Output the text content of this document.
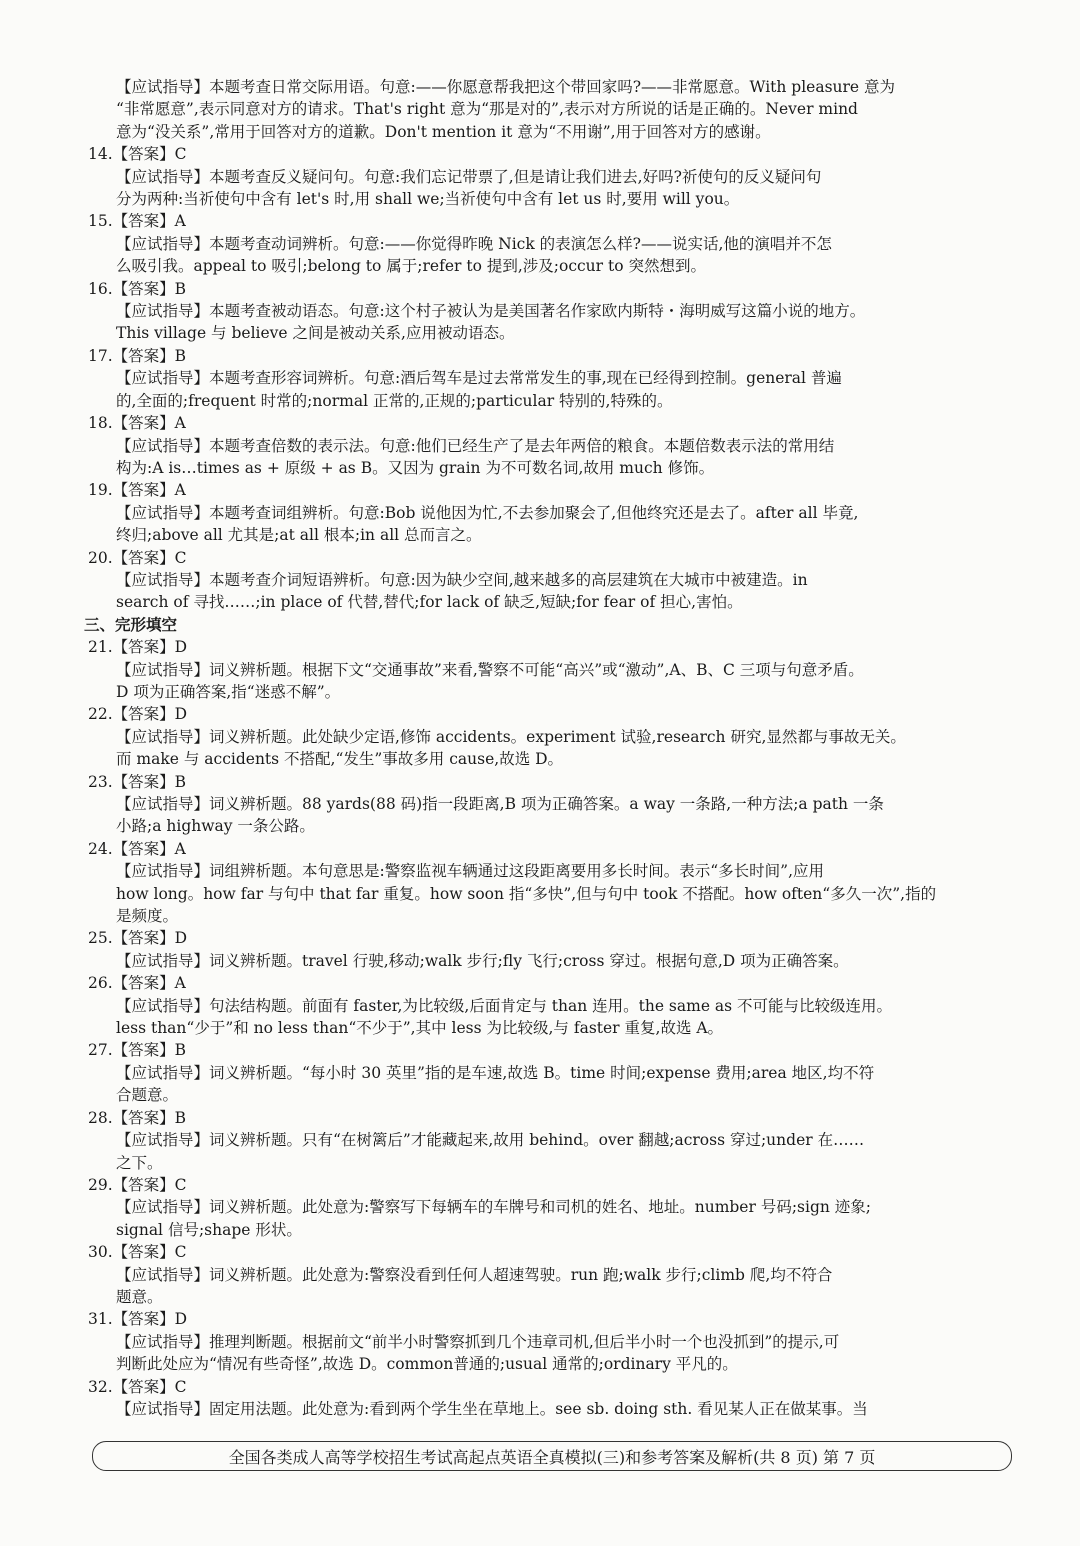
【应试指导】本题考查日常交际用语。句意:——你愿意帮我把这个带回家吗?——非常愿意。With pleasure 意为

“非常愿意”,表示同意对方的请求。That's right 意为“那是对的”,表示对方所说的话是正确的。Never mind

意为“没关系”,常用于回答对方的道歉。Don't mention it 意为“不用谢”,用于回答对方的感谢。

14.【答案】C

【应试指导】本题考查反义疑问句。句意:我们忘记带票了,但是请让我们进去,好吗?祈使句的反义疑问句

分为两种:当祈使句中含有 let's 时,用 shall we;当祈使句中含有 let us 时,要用 will you。

15.【答案】A

【应试指导】本题考查动词辨析。句意:——你觉得昨晚 Nick 的表演怎么样?——说实话,他的演唱并不怎

么吸引我。appeal to 吸引;belong to 属于;refer to 提到,涉及;occur to 突然想到。

16.【答案】B

【应试指导】本题考查被动语态。句意:这个村子被认为是美国著名作家欧内斯特・海明威写这篇小说的地方。

This village 与 believe 之间是被动关系,应用被动语态。

17.【答案】B

【应试指导】本题考查形容词辨析。句意:酒后驾车是过去常常发生的事,现在已经得到控制。general 普遍

的,全面的;frequent 时常的;normal 正常的,正规的;particular 特别的,特殊的。

18.【答案】A

【应试指导】本题考查倍数的表示法。句意:他们已经生产了是去年两倍的粮食。本题倍数表示法的常用结

构为:A is…times as + 原级 + as B。又因为 grain 为不可数名词,故用 much 修饰。

19.【答案】A

【应试指导】本题考查词组辨析。句意:Bob 说他因为忙,不去参加聚会了,但他终究还是去了。after all 毕竟,

终归;above all 尤其是;at all 根本;in all 总而言之。

20.【答案】C

【应试指导】本题考查介词短语辨析。句意:因为缺少空间,越来越多的高层建筑在大城市中被建造。in

search of 寻找……;in place of 代替,替代;for lack of 缺乏,短缺;for fear of 担心,害怕。

三、完形填空

21.【答案】D

【应试指导】词义辨析题。根据下文“交通事故”来看,警察不可能“高兴”或“激动”,A、B、C 三项与句意矛盾。

D 项为正确答案,指“迷惑不解”。

22.【答案】D

【应试指导】词义辨析题。此处缺少定语,修饰 accidents。experiment 试验,research 研究,显然都与事故无关。

而 make 与 accidents 不搭配,“发生”事故多用 cause,故选 D。

23.【答案】B

【应试指导】词义辨析题。88 yards(88 码)指一段距离,B 项为正确答案。a way 一条路,一种方法;a path 一条

小路;a highway 一条公路。

24.【答案】A

【应试指导】词组辨析题。本句意思是:警察监视车辆通过这段距离要用多长时间。表示“多长时间”,应用

how long。how far 与句中 that far 重复。how soon 指“多快”,但与句中 took 不搭配。how often“多久一次”,指的

是频度。

25.【答案】D

【应试指导】词义辨析题。travel 行驶,移动;walk 步行;fly 飞行;cross 穿过。根据句意,D 项为正确答案。

26.【答案】A

【应试指导】句法结构题。前面有 faster,为比较级,后面肯定与 than 连用。the same as 不可能与比较级连用。

less than“少于”和 no less than“不少于”,其中 less 为比较级,与 faster 重复,故选 A。

27.【答案】B

【应试指导】词义辨析题。“每小时 30 英里”指的是车速,故选 B。time 时间;expense 费用;area 地区,均不符

合题意。

28.【答案】B

【应试指导】词义辨析题。只有“在树篱后”才能藏起来,故用 behind。over 翻越;across 穿过;under 在……

之下。

29.【答案】C

【应试指导】词义辨析题。此处意为:警察写下每辆车的车牌号和司机的姓名、地址。number 号码;sign 迹象;

signal 信号;shape 形状。

30.【答案】C

【应试指导】词义辨析题。此处意为:警察没看到任何人超速驾驶。run 跑;walk 步行;climb 爬,均不符合

题意。

31.【答案】D

【应试指导】推理判断题。根据前文“前半小时警察抓到几个违章司机,但后半小时一个也没抓到”的提示,可

判断此处应为“情况有些奇怪”,故选 D。common普通的;usual 通常的;ordinary 平凡的。

32.【答案】C

【应试指导】固定用法题。此处意为:看到两个学生坐在草地上。see sb. doing sth. 看见某人正在做某事。当

全国各类成人高等学校招生考试高起点英语全真模拟(三)和参考答案及解析(共 8 页) 第 7 页
